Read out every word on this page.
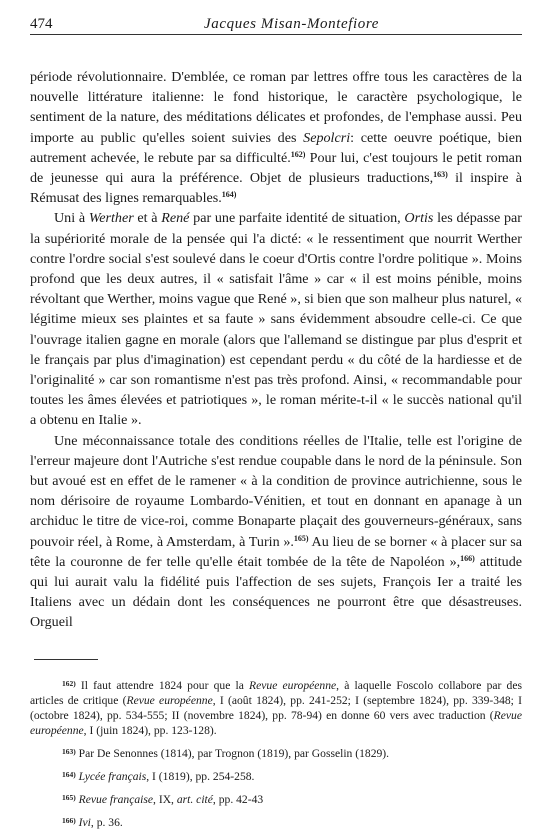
474	Jacques Misan-Montefiore

période révolutionnaire. D'emblée, ce roman par lettres offre tous les caractères de la nouvelle littérature italienne: le fond historique, le caractère psychologique, le sentiment de la nature, des méditations délicates et profondes, de l'emphase aussi. Peu importe au public qu'elles soient suivies des Sepolcri: cette oeuvre poétique, bien autrement achevée, le rebute par sa difficulté.$^{162)}$ Pour lui, c'est toujours le petit roman de jeunesse qui aura la préférence. Objet de plusieurs traductions,$^{163)}$ il inspire à Rémusat des lignes remarquables.$^{164)}$

Uni à Werther et à René par une parfaite identité de situation, Ortis les dépasse par la supériorité morale de la pensée qui l'a dicté: « le ressentiment que nourrit Werther contre l'ordre social s'est soulevé dans le coeur d'Ortis contre l'ordre politique ». Moins profond que les deux autres, il « satisfait l'âme » car « il est moins pénible, moins révoltant que Werther, moins vague que René », si bien que son malheur plus naturel, « légitime mieux ses plaintes et sa faute » sans évidemment absoudre celle-ci. Ce que l'ouvrage italien gagne en morale (alors que l'allemand se distingue par plus d'esprit et le français par plus d'imagination) est cependant perdu « du côté de la hardiesse et de l'originalité » car son romantisme n'est pas très profond. Ainsi, « recommandable pour toutes les âmes élevées et patriotiques », le roman mérite-t-il « le succès national qu'il a obtenu en Italie ».

Une méconnaissance totale des conditions réelles de l'Italie, telle est l'origine de l'erreur majeure dont l'Autriche s'est rendue coupable dans le nord de la péninsule. Son but avoué est en effet de le ramener « à la condition de province autrichienne, sous le nom dérisoire de royaume Lombardo-Vénitien, et tout en donnant en apanage à un archiduc le titre de vice-roi, comme Bonaparte plaçait des gouverneurs-généraux, sans pouvoir réel, à Rome, à Amsterdam, à Turin ».$^{165)}$ Au lieu de se borner « à placer sur sa tête la couronne de fer telle qu'elle était tombée de la tête de Napoléon »,$^{166)}$ attitude qui lui aurait valu la fidélité puis l'affection de ses sujets, François Ier a traité les Italiens avec un dédain dont les conséquences ne pourront être que désastreuses. Orgueil

$^{162)}$ Il faut attendre 1824 pour que la Revue européenne, à laquelle Foscolo collabore par des articles de critique (Revue européenne, I (août 1824), pp. 241-252; I (septembre 1824), pp. 339-348; I (octobre 1824), pp. 534-555; II (novembre 1824), pp. 78-94) en donne 60 vers avec traduction (Revue européenne, I (juin 1824), pp. 123-128).
$^{163)}$ Par De Senonnes (1814), par Trognon (1819), par Gosselin (1829).
$^{164)}$ Lycée français, I (1819), pp. 254-258.
$^{165)}$ Revue française, IX, art. cité, pp. 42-43
$^{166)}$ Ivi, p. 36.
